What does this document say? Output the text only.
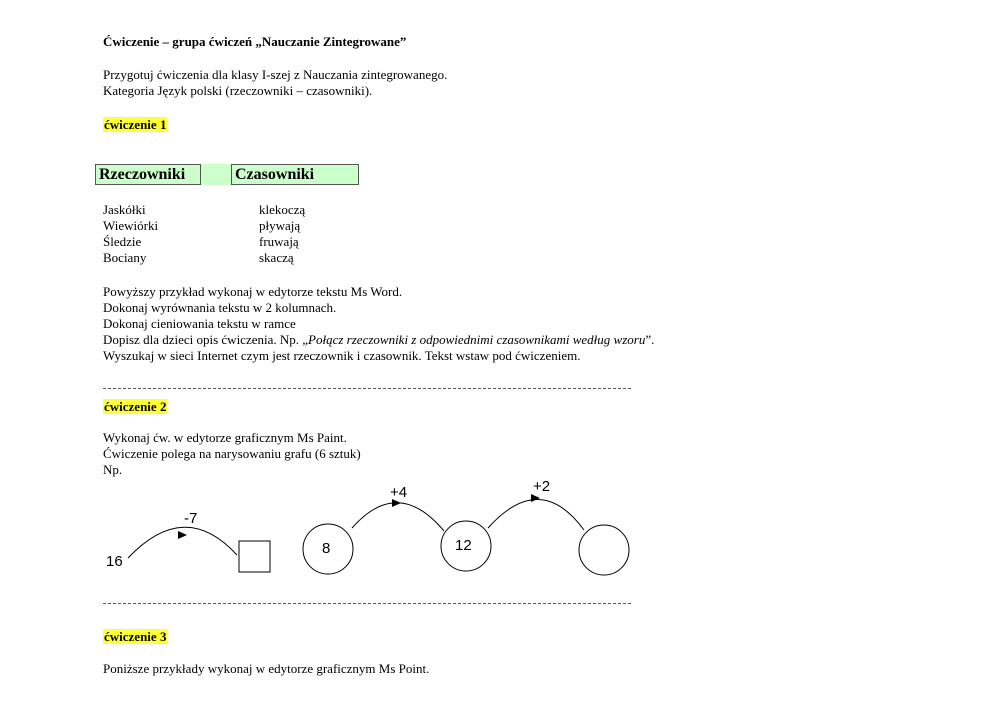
Ćwiczenie – grupa ćwiczeń „Nauczanie Zintegrowane”
Przygotuj ćwiczenia dla klasy I-szej z Nauczania zintegrowanego.
Kategoria Język polski (rzeczowniki – czasowniki).
ćwiczenie 1
Rzeczowniki	Czasowniki
Jaskółki
Wiewiórki
Śledzie
Bociany
klekoczą
pływają
fruwają
skaczą
Powyższy przykład wykonaj w edytorze tekstu Ms Word.
Dokonaj wyrównania tekstu w 2 kolumnach.
Dokonaj cieniowania tekstu w ramce
Dopisz dla dzieci opis ćwiczenia. Np. „Połącz rzeczowniki z odpowiednimi czasownikami według wzoru”.
Wyszukaj w sieci Internet czym jest rzeczownik i czasownik. Tekst wstaw pod ćwiczeniem.
ćwiczenie 2
Wykonaj ćw. w edytorze graficznym Ms Paint.
Ćwiczenie polega na narysowaniu grafu (6 sztuk)
Np.
16
-7
8
+4
12
+2
ćwiczenie 3
Poniższe przykłady wykonaj w edytorze graficznym Ms Point.
